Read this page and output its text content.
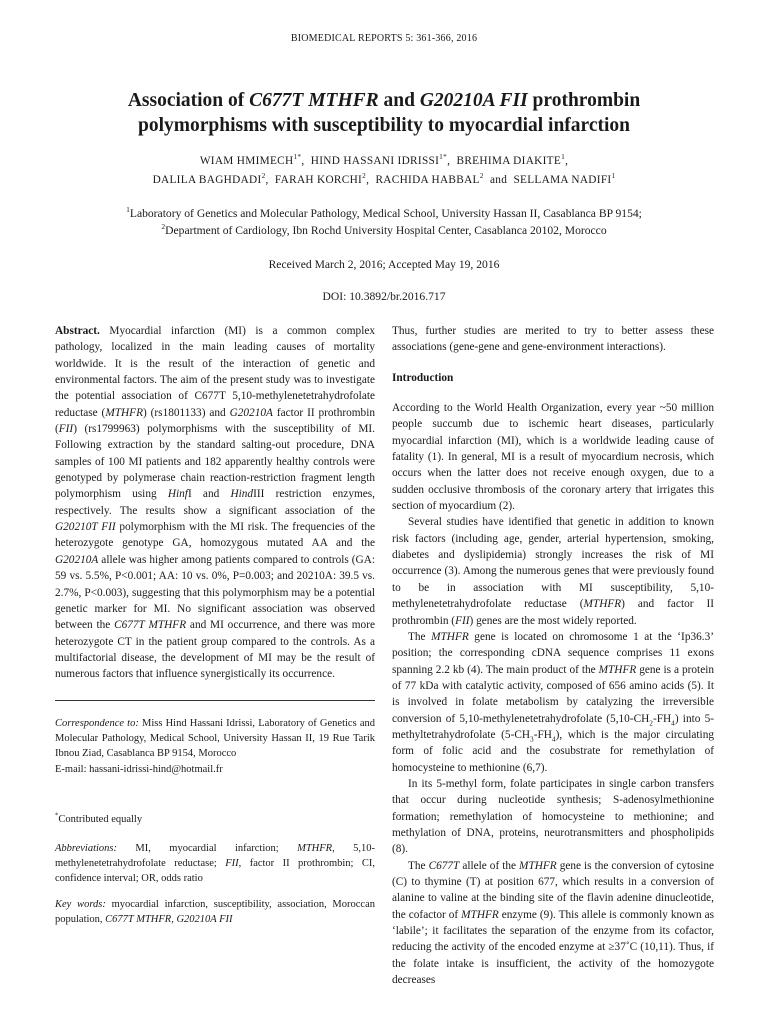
BIOMEDICAL REPORTS 5: 361-366, 2016
Association of C677T MTHFR and G20210A FII prothrombin
polymorphisms with susceptibility to myocardial infarction
WIAM $HMIMECH^{1*}$,  HIND HASSANI $IDRISSI^{1*}$,  BREHIMA DIAKITE$^1$,
DALILA BAGHDADI$^2$,  FARAH KORCHI$^2$,  RACHIDA HABBAL$^2$ and SELLAMA NADIFI$^1$
$^1$Laboratory of Genetics and Molecular Pathology, Medical School, University Hassan II, Casablanca BP 9154;
$^2$Department of Cardiology, Ibn Rochd University Hospital Center, Casablanca 20102, Morocco
Received March 2, 2016; Accepted May 19, 2016
DOI: 10.3892/br.2016.717

Abstract. Myocardial infarction (MI) is a common complex pathology, localized in the main leading causes of mortality worldwide. It is the result of the interaction of genetic and environmental factors. The aim of the present study was to investigate the potential association of C677T 5,10-methylenetetrahydrofolate reductase (MTHFR) (rs1801133) and G20210A factor II prothrombin (FII) (rs1799963) polymorphisms with the susceptibility of MI. Following extraction by the standard salting-out procedure, DNA samples of 100 MI patients and 182 apparently healthy controls were genotyped by polymerase chain reaction-restriction fragment length polymorphism using HinfI and HindIII restriction enzymes, respectively. The results show a significant association of the G20210T FII polymorphism with the MI risk. The frequencies of the heterozygote genotype GA, homozygous mutated AA and the G20210A allele was higher among patients compared to controls (GA: 59 vs. 5.5%, P<0.001; AA: 10 vs. 0%, P=0.003; and 20210A: 39.5 vs. 2.7%, P<0.003), suggesting that this polymorphism may be a potential genetic marker for MI. No significant association was observed between the C677T MTHFR and MI occurrence, and there was more heterozygote CT in the patient group compared to the controls. As a multifactorial disease, the development of MI may be the result of numerous factors that influence synergistically its occurrence.

Correspondence to: Miss Hind Hassani Idrissi, Laboratory of Genetics and Molecular Pathology, Medical School, University Hassan II, 19 Rue Tarik Ibnou Ziad, Casablanca BP 9154, Morocco

E-mail: hassani-idrissi-hind@hotmail.fr

*Contributed equally

Abbreviations: MI, myocardial infarction; MTHFR, 5,10-methylenetetrahydrofolate reductase; FII, factor II prothrombin; CI, confidence interval; OR, odds ratio

Key words: myocardial infarction, susceptibility, association, Moroccan population, C677T MTHFR, G20210A FII

Thus, further studies are merited to try to better assess these associations (gene-gene and gene-environment interactions).

Introduction

According to the World Health Organization, every year ~50 million people succumb due to ischemic heart diseases, particularly myocardial infarction (MI), which is a worldwide leading cause of fatality (1). In general, MI is a result of myocardium necrosis, which occurs when the latter does not receive enough oxygen, due to a sudden occlusive thrombosis of the coronary artery that irrigates this section of myocardium (2).

Several studies have identified that genetic in addition to known risk factors (including age, gender, arterial hypertension, smoking, diabetes and dyslipidemia) strongly increases the risk of MI occurrence (3). Among the numerous genes that were previously found to be in association with MI susceptibility, 5,10-methylenetetrahydrofolate reductase (MTHFR) and factor II prothrombin (FII) genes are the most widely reported.

The MTHFR gene is located on chromosome 1 at the ‘Ip36.3’ position; the corresponding cDNA sequence comprises 11 exons spanning 2.2 kb (4). The main product of the MTHFR gene is a protein of 77 kDa with catalytic activity, composed of 656 amino acids (5). It is involved in folate metabolism by catalyzing the irreversible conversion of 5,10-methylenetetrahydrofolate $(5,10-CH_2-FH_4)$ into 5-methyltetrahydrofolate $(5-CH_3-FH_4)$, which is the major circulating form of folic acid and the cosubstrate for remethylation of homocysteine to methionine (6,7).

In its 5-methyl form, folate participates in single carbon transfers that occur during nucleotide synthesis; S-adenosylmethionine formation; remethylation of homocysteine to methionine; and methylation of DNA, proteins, neurotransmitters and phospholipids (8).

The C677T allele of the MTHFR gene is the conversion of cytosine (C) to thymine (T) at position 677, which results in a conversion of alanine to valine at the binding site of the flavin adenine dinucleotide, the cofactor of MTHFR enzyme (9). This allele is commonly known as ‘labile’; it facilitates the separation of the enzyme from its cofactor, reducing the activity of the encoded enzyme at ≥37˚C (10,11). Thus, if the folate intake is insufficient, the activity of the homozygote decreases
